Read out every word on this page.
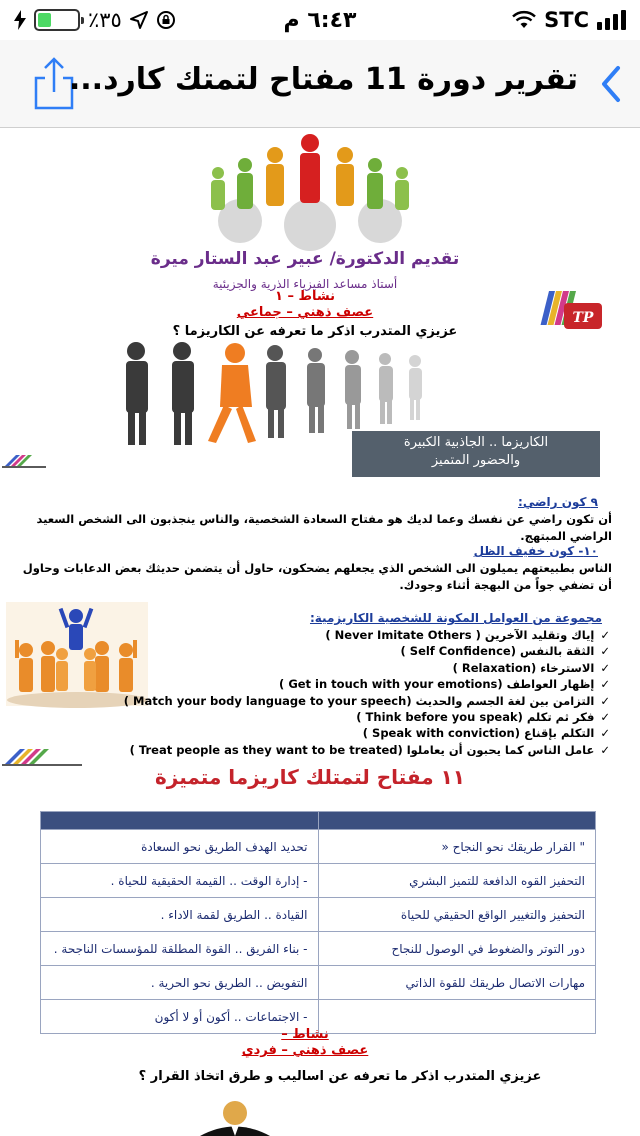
٪٣٥	٦:٤٣ م	STC
تقرير دورة 11 مفتاح لتمتك كارد...
تقديم الدكتورة/ عبير عبد الستار ميرة
أستاذ مساعد الفيزياء الذرية والجزيئية
نشاط – ١
عصف ذهني – جماعي
عزيزي المتدرب اذكر ما تعرفه عن الكاريزما ؟
TP
الكاريزما .. الجاذبية الكبيرة
والحضور المتميز
٩ كون راضي:
أن تكون راضي عن نفسك وعما لديك هو مفتاح السعادة الشخصية، والناس ينجذبون الى الشخص السعيد الراضي المبتهج.
١٠- كون خفيف الظل
الناس بطبيعتهم يميلون الى الشخص الذي يجعلهم يضحكون، حاول أن يتضمن حديثك بعض الدعابات وحاول أن تضفي جواً من البهجة أثناء وجودك.
مجموعة من العوامل المكونة للشخصية الكاريزمية:
✓إياك وتقليد الآخرين ( Never Imitate Others )
✓الثقة بالنفس (Self Confidence )
✓الاسترخاء (Relaxation )
✓إظهار العواطف (Get in touch with your emotions )
✓التزامن بين لغة الجسم والحديث (Match your body language to your speech )
✓فكر ثم تكلم (Think before you speak )
✓التكلم بإقناع (Speak with conviction )
✓عامل الناس كما يحبون أن يعاملوا (Treat people as they want to be treated )
١١ مفتاح لتمتلك كاريزما متميزة

" القرار طريقك نحو النجاح «	تحديد الهدف الطريق نحو السعادة
التحفيز القوه الدافعة للتميز البشري	- إدارة الوقت .. القيمة الحقيقية للحياة .
التحفيز والتغيير الواقع الحقيقي للحياة	القيادة .. الطريق لقمة الاداء .
دور التوتر والضغوط في الوصول للنجاح	- بناء الفريق .. القوة المطلقة للمؤسسات الناجحة .
مهارات الاتصال طريقك للقوة الذاتي	التفويض .. الطريق نحو الحرية .
	- الاجتماعات .. أكون أو لا أكون
نشاط –
عصف ذهني – فردي
عزيزي المتدرب اذكر ما تعرفه عن اساليب و طرق اتخاذ القرار ؟
